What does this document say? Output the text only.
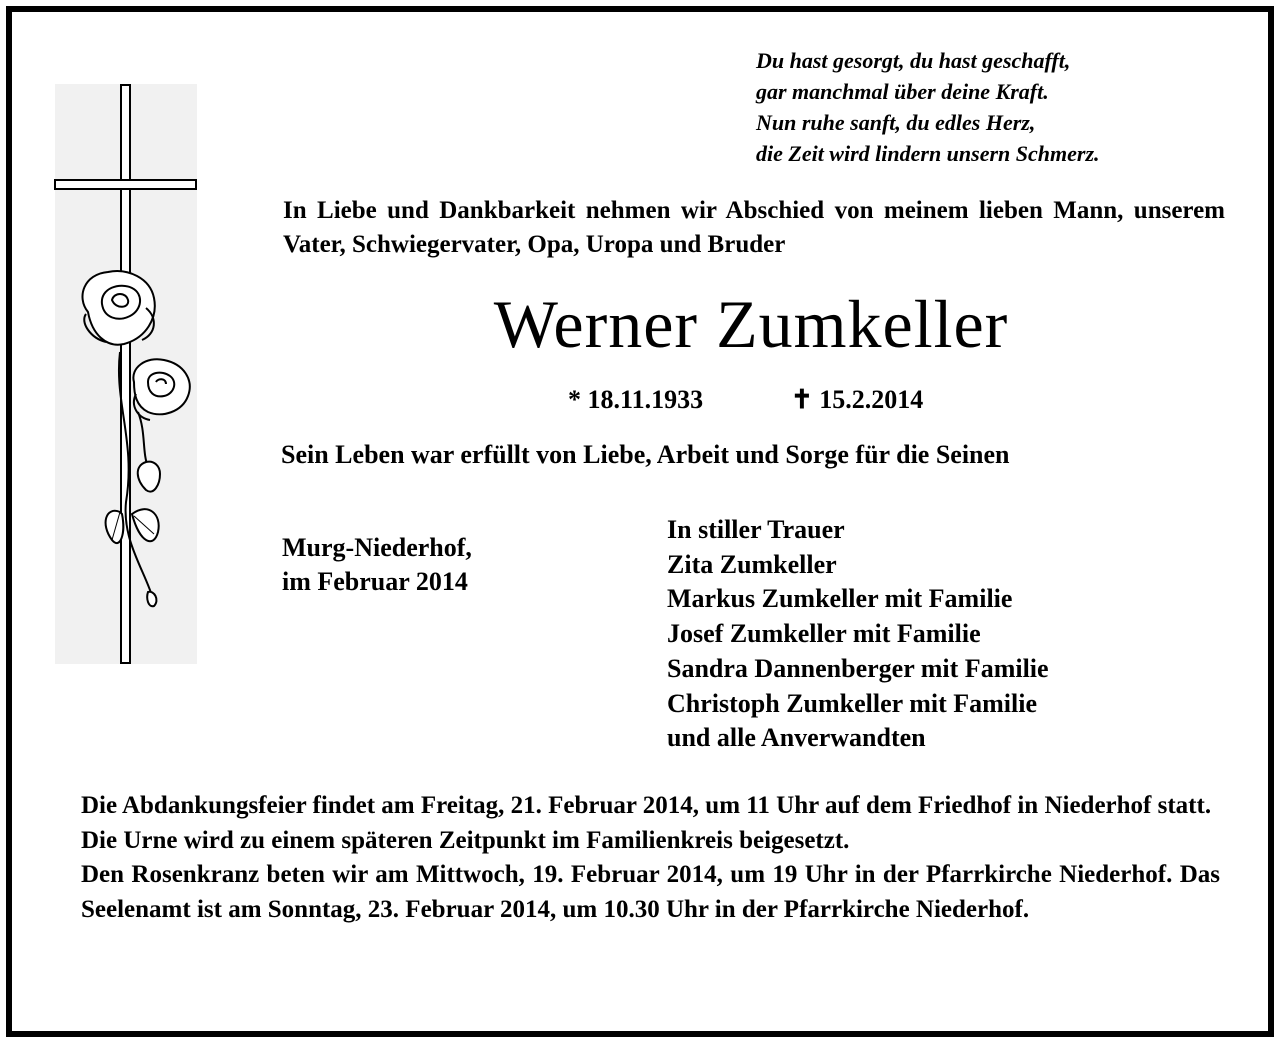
Du hast gesorgt, du hast geschafft,
gar manchmal über deine Kraft.
Nun ruhe sanft, du edles Herz,
die Zeit wird lindern unsern Schmerz.
In Liebe und Dankbarkeit nehmen wir Abschied von meinem lieben Mann, unserem Vater, Schwiegervater, Opa, Uropa und Bruder
Werner Zumkeller
* 18.11.1933	✝ 15.2.2014
Sein Leben war erfüllt von Liebe, Arbeit und Sorge für die Seinen
Murg-Niederhof,
im Februar 2014
In stiller Trauer
Zita Zumkeller
Markus Zumkeller mit Familie
Josef Zumkeller mit Familie
Sandra Dannenberger mit Familie
Christoph Zumkeller mit Familie
und alle Anverwandten

Die Abdankungsfeier findet am Freitag, 21. Februar 2014, um 11 Uhr auf dem Friedhof in Niederhof statt.

Die Urne wird zu einem späteren Zeitpunkt im Familienkreis beigesetzt.

Den Rosenkranz beten wir am Mittwoch, 19. Februar 2014, um 19 Uhr in der Pfarrkirche Niederhof. Das Seelenamt ist am Sonntag, 23. Februar 2014, um 10.30 Uhr in der Pfarrkirche Niederhof.
